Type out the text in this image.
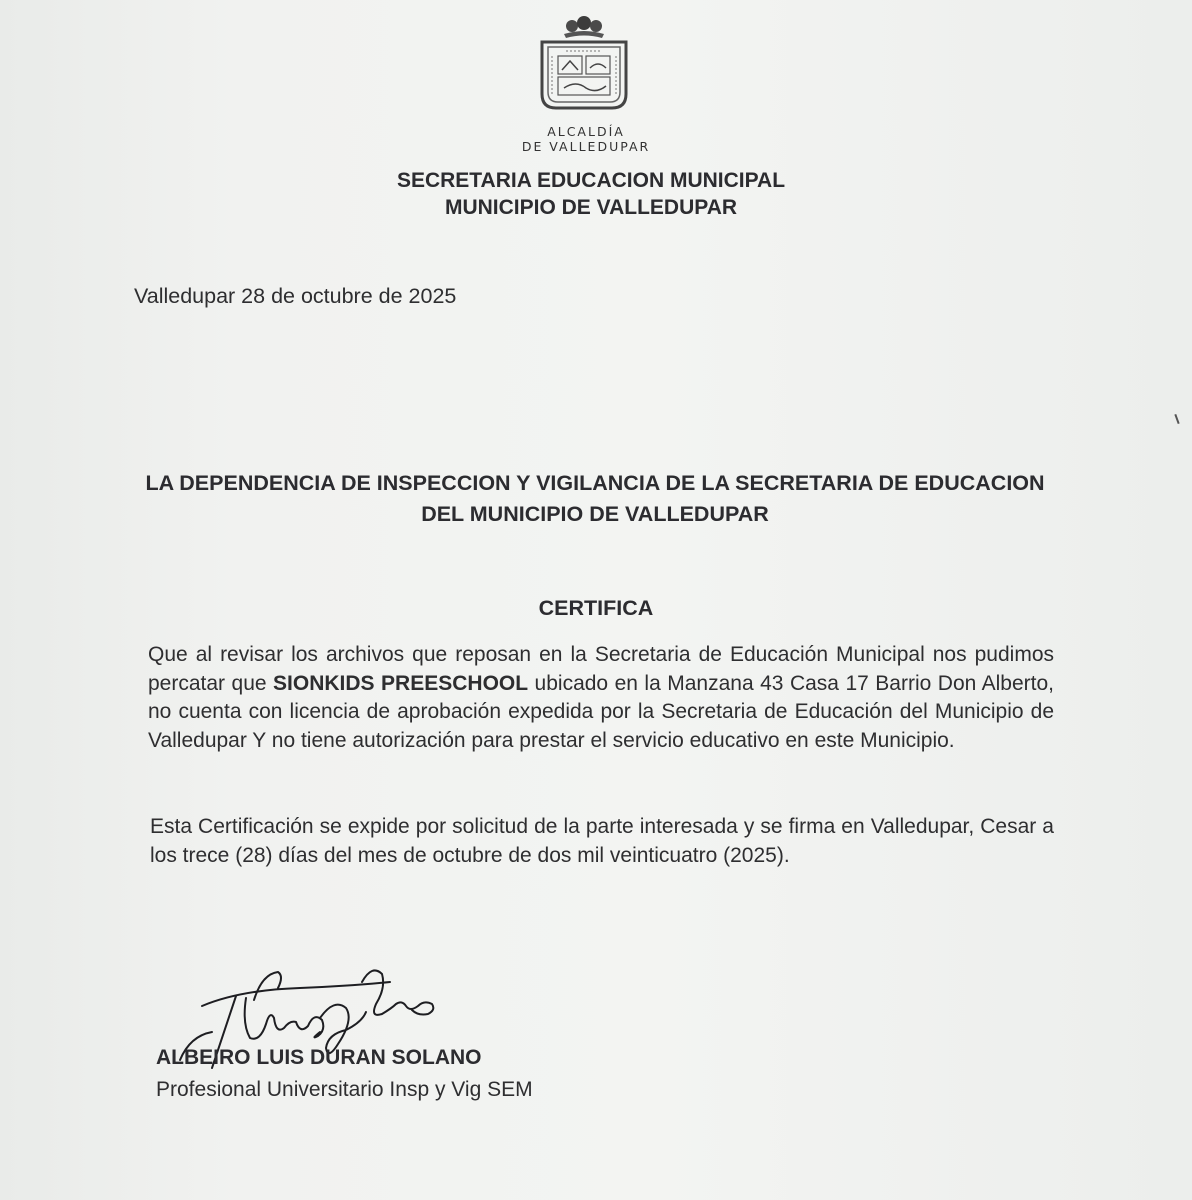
ALCALDÍA
DE VALLEDUPAR
SECRETARIA EDUCACION MUNICIPAL
MUNICIPIO DE VALLEDUPAR
Valledupar 28 de octubre de 2025
LA DEPENDENCIA DE INSPECCION Y VIGILANCIA DE LA SECRETARIA DE EDUCACION DEL MUNICIPIO DE VALLEDUPAR
CERTIFICA
Que al revisar los archivos que reposan en la Secretaria de Educación Municipal nos pudimos percatar que SIONKIDS PREESCHOOL ubicado en la Manzana 43 Casa 17 Barrio Don Alberto, no cuenta con licencia de aprobación expedida por la Secretaria de Educación del Municipio de Valledupar Y no tiene autorización para prestar el servicio educativo en este Municipio.
Esta Certificación se expide por solicitud de la parte interesada y se firma en Valledupar, Cesar a los trece (28) días del mes de octubre de dos mil veinticuatro (2025).
ALBEIRO LUIS DURAN SOLANO
Profesional Universitario Insp y Vig SEM
